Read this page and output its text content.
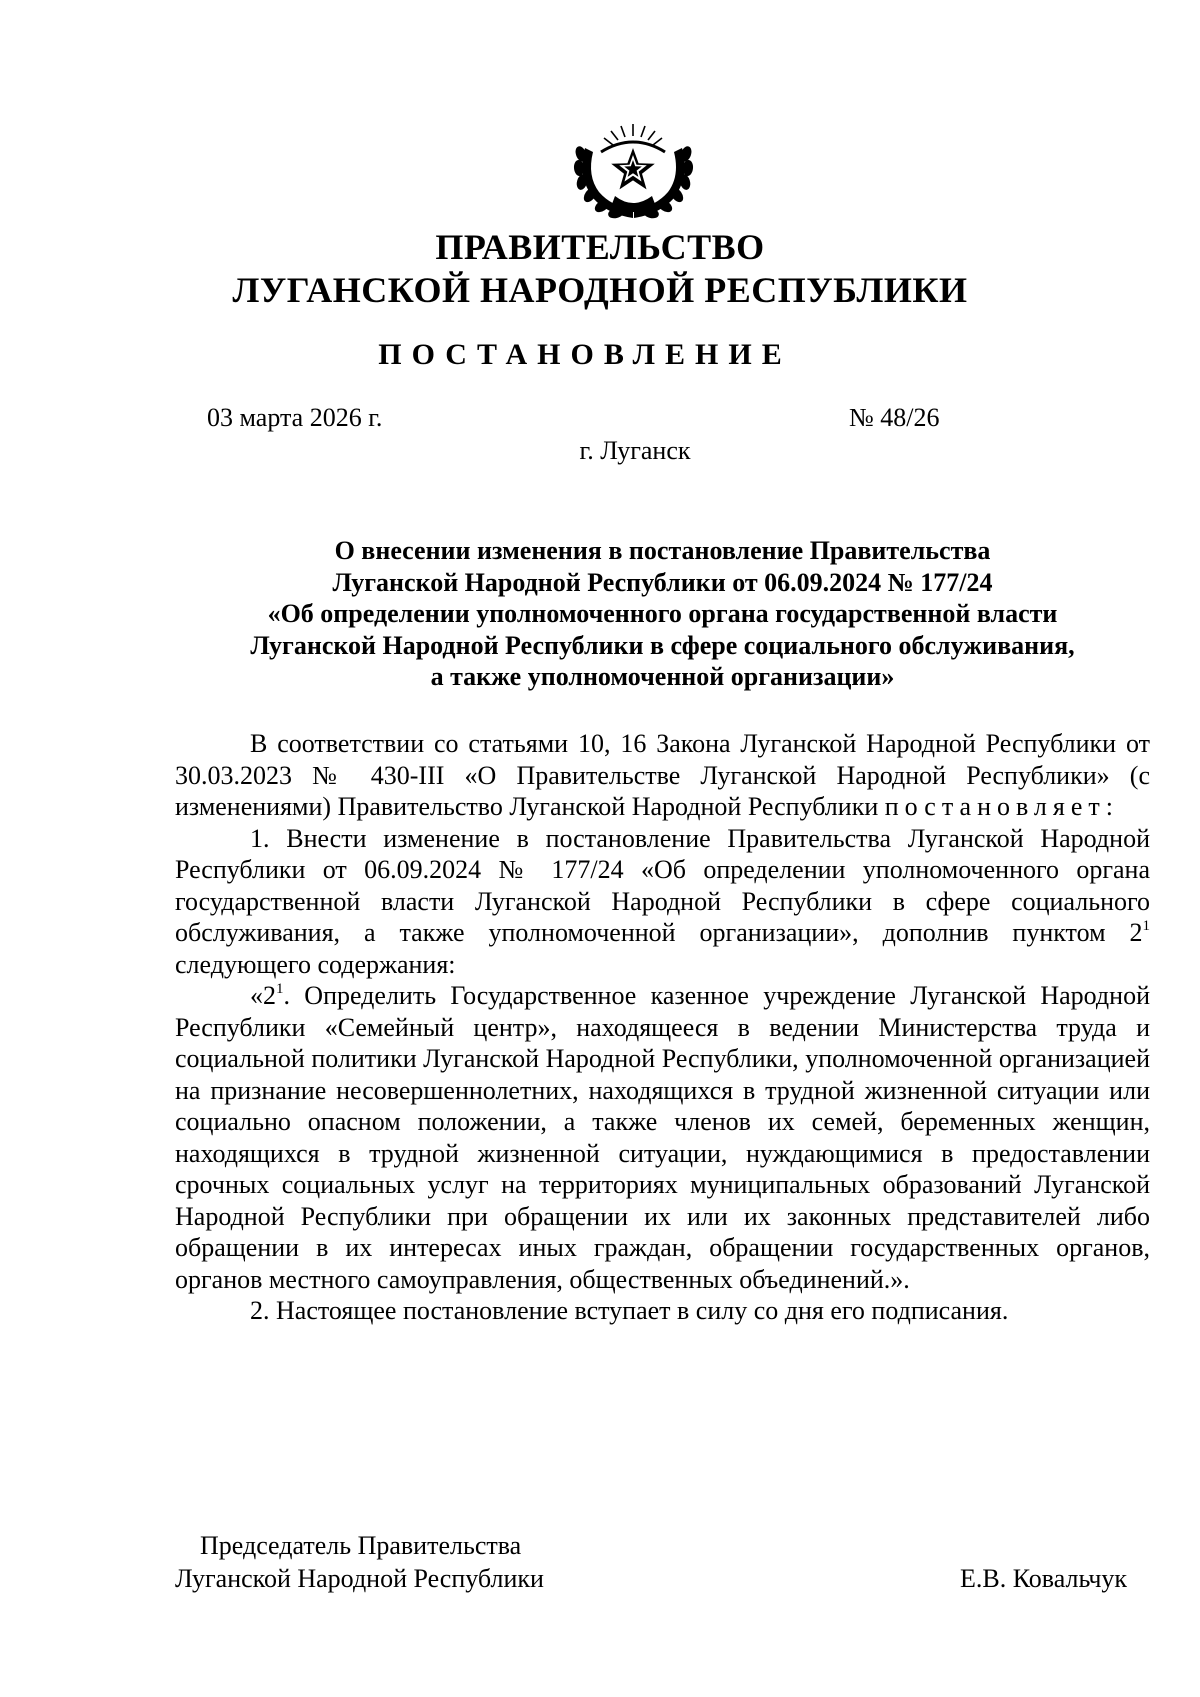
ПРАВИТЕЛЬСТВО
ЛУГАНСКОЙ НАРОДНОЙ РЕСПУБЛИКИ
ПОСТАНОВЛЕНИЕ
03 марта 2026 г.	№ 48/26
г. Луганск
О внесении изменения в постановление Правительства
Луганской Народной Республики от 06.09.2024 № 177/24
«Об определении уполномоченного органа государственной власти
Луганской Народной Республики в сфере социального обслуживания,
а также уполномоченной организации»

В соответствии со статьями 10, 16 Закона Луганской Народной Республики от 30.03.2023 № 430-III «О Правительстве Луганской Народной Республики» (с изменениями) Правительство Луганской Народной Республики постановляет:

1. Внести изменение в постановление Правительства Луганской Народной Республики от 06.09.2024 № 177/24 «Об определении уполномоченного органа государственной власти Луганской Народной Республики в сфере социального обслуживания, а также уполномоченной организации», дополнив пунктом $2^1$ следующего содержания:

«$2^1$. Определить Государственное казенное учреждение Луганской Народной Республики «Семейный центр», находящееся в ведении Министерства труда и социальной политики Луганской Народной Республики, уполномоченной организацией на признание несовершеннолетних, находящихся в трудной жизненной ситуации или социально опасном положении, а также членов их семей, беременных женщин, находящихся в трудной жизненной ситуации, нуждающимися в предоставлении срочных социальных услуг на территориях муниципальных образований Луганской Народной Республики при обращении их или их законных представителей либо обращении в их интересах иных граждан, обращении государственных органов, органов местного самоуправления, общественных объединений.».

2. Настоящее постановление вступает в силу со дня его подписания.

Председатель Правительства
Луганской Народной Республики	Е.В. Ковальчук
